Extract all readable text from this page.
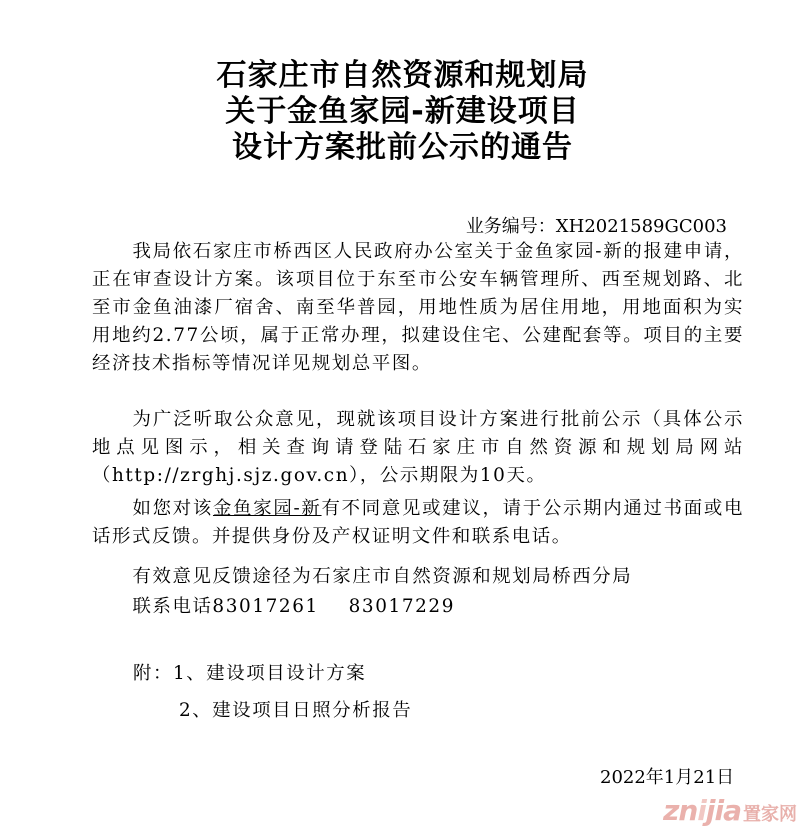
石家庄市自然资源和规划局
关于金鱼家园-新建设项目
设计方案批前公示的通告
业务编号：XH2021589GC003
我局依石家庄市桥西区人民政府办公室关于金鱼家园-新的报建申请，正在审查设计方案。该项目位于东至市公安车辆管理所、西至规划路、北至市金鱼油漆厂宿舍、南至华普园，用地性质为居住用地，用地面积为实用地约2.77公顷，属于正常办理，拟建设住宅、公建配套等。项目的主要经济技术指标等情况详见规划总平图。
为广泛听取公众意见，现就该项目设计方案进行批前公示（具体公示地点见图示，相关查询请登陆石家庄市自然资源和规划局网站（http://zrghj.sjz.gov.cn），公示期限为10天。
如您对该金鱼家园-新有不同意见或建议，请于公示期内通过书面或电话形式反馈。并提供身份及产权证明文件和联系电话。
有效意见反馈途径为石家庄市自然资源和规划局桥西分局
联系电话83017261    83017229
附：1、建设项目设计方案
2、建设项目日照分析报告
2022年1月21日
znijia 置家网
